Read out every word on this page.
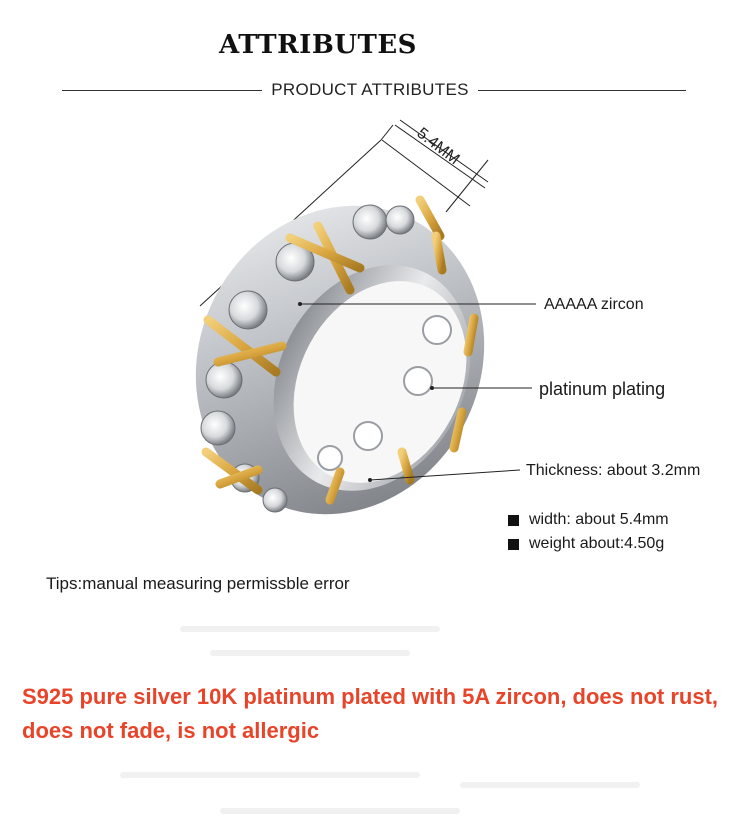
ATTRIBUTES
PRODUCT ATTRIBUTES
5.4MM
AAAAA zircon
platinum plating
Thickness: about 3.2mm
width: about 5.4mm
weight about:4.50g
Tips:manual measuring permissble error
S925 pure silver 10K platinum plated with 5A zircon, does not rust, does not fade, is not allergic
